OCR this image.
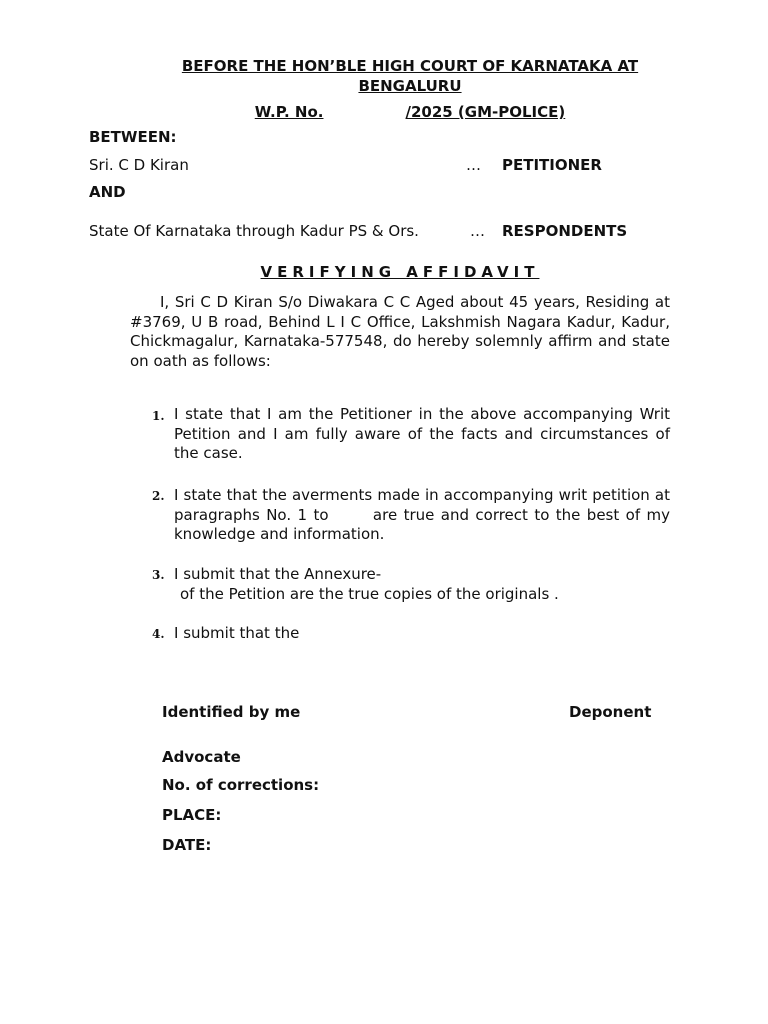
BEFORE THE HON’BLE HIGH COURT OF KARNATAKA AT BENGALURU
W.P. No.	/2025 (GM-POLICE)
BETWEEN:
Sri. C D Kiran	… PETITIONER
AND
State Of Karnataka through Kadur PS & Ors.	… RESPONDENTS
VERIFYING AFFIDAVIT
I, Sri C D Kiran S/o Diwakara C C Aged about 45 years, Residing at #3769, U B road, Behind L I C Office, Lakshmish Nagara Kadur, Kadur, Chickmagalur, Karnataka-577548, do hereby solemnly affirm and state on oath as follows:
1. I state that I am the Petitioner in the above accompanying Writ Petition and I am fully aware of the facts and circumstances of the case.
2. I state that the averments made in accompanying writ petition at paragraphs No. 1 to	are true and correct to the best of my knowledge and information.
3. I submit that the Annexure-
of the Petition are the true copies of the originals .
4. I submit that the
Identified by me	Deponent
Advocate
No. of corrections:
PLACE:
DATE:
